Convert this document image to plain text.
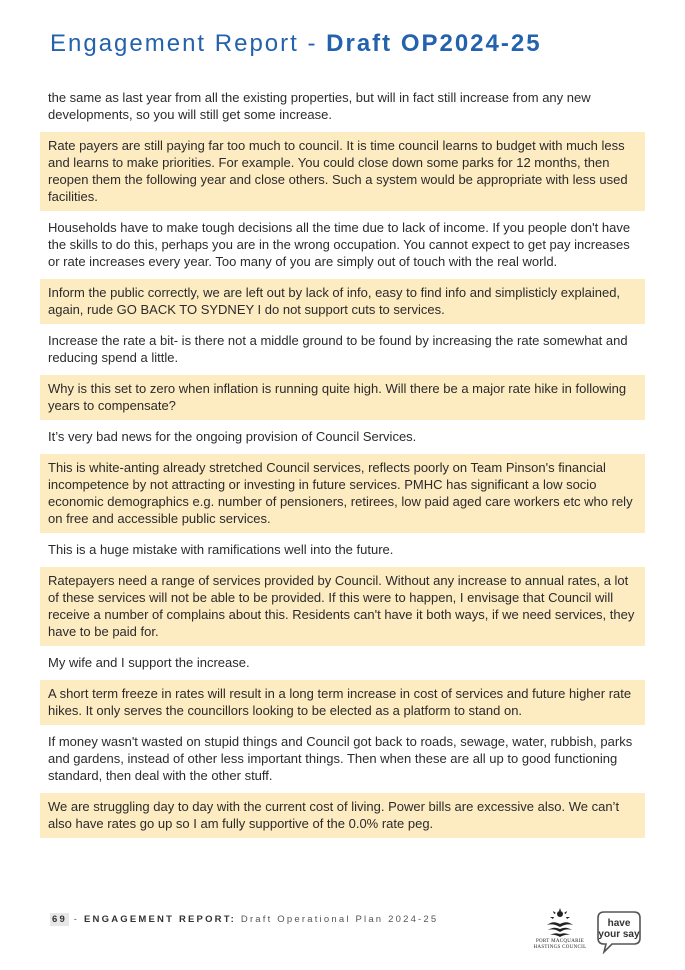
Engagement Report - Draft OP2024-25
the same as last year from all the existing properties, but will in fact still increase from any new developments, so you will still get some increase.
Rate payers are still paying far too much to council. It is time council learns to budget with much less and learns to make priorities. For example. You could close down some parks for 12 months, then reopen them the following year and close others. Such a system would be appropriate with less used facilities.
Households have to make tough decisions all the time due to lack of income. If you people don't have the skills to do this, perhaps you are in the wrong occupation. You cannot expect to get pay increases or rate increases every year. Too many of you are simply out of touch with the real world.
Inform the public correctly, we are left out by lack of info, easy to find info and simplisticly explained, again, rude GO BACK TO SYDNEY I do not support cuts to services.
Increase the rate a bit- is there not a middle ground to be found by increasing the rate somewhat and reducing spend a little.
Why is this set to zero when inflation is running quite high. Will there be a major rate hike in following years to compensate?
It’s very bad news for the ongoing provision of Council Services.
This is white-anting already stretched Council services, reflects poorly on Team Pinson's financial incompetence by not attracting or investing in future services. PMHC has significant a low socio economic demographics e.g. number of pensioners, retirees, low paid aged care workers etc who rely on free and accessible public services.
This is a huge mistake with ramifications well into the future.
Ratepayers need a range of services provided by Council. Without any increase to annual rates, a lot of these services will not be able to be provided. If this were to happen, I envisage that Council will receive a number of complains about this. Residents can't have it both ways, if we need services, they have to be paid for.
My wife and I support the increase.
A short term freeze in rates will result in a long term increase in cost of services and future higher rate hikes. It only serves the councillors looking to be elected as a platform to stand on.
If money wasn't wasted on stupid things and Council got back to roads, sewage, water, rubbish, parks and gardens, instead of other less important things. Then when these are all up to good functioning standard, then deal with the other stuff.
We are struggling day to day with the current cost of living. Power bills are excessive also. We can’t also have rates go up so I am fully supportive of the 0.0% rate peg.
69 - ENGAGEMENT REPORT: Draft Operational Plan 2024-25
PORT MACQUARIE
HASTINGS COUNCIL
have
your say
